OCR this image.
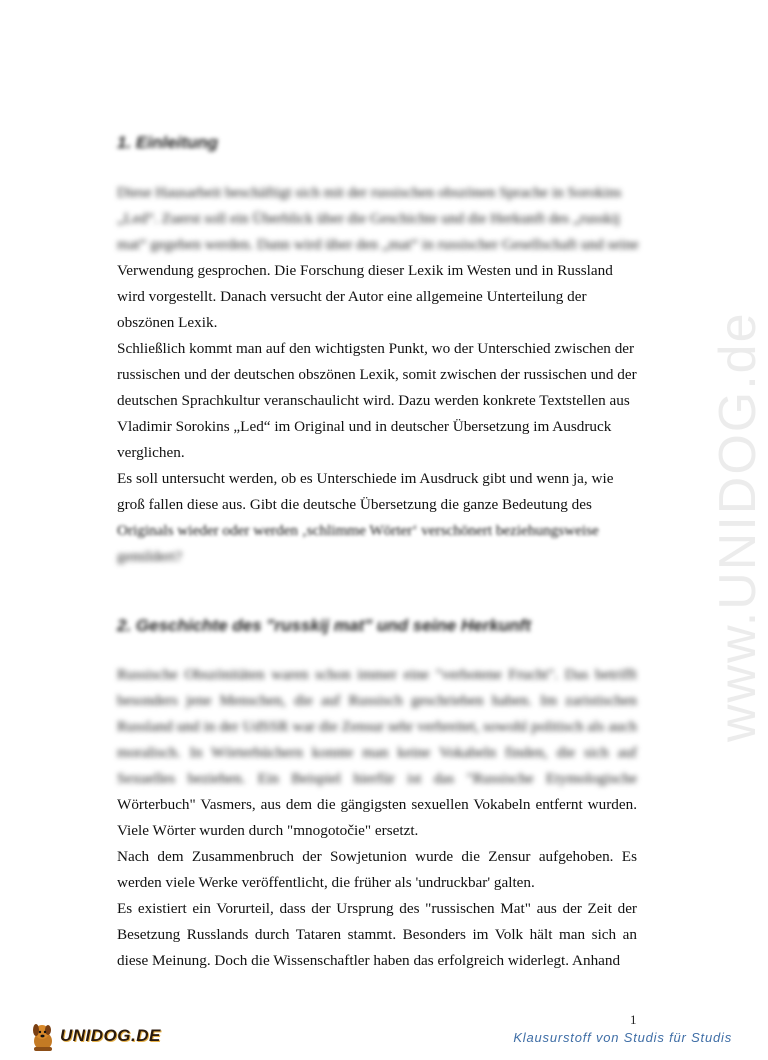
www.UNIDOG.de
1. Einleitung
Diese Hausarbeit beschäftigt sich mit der russischen obszönen Sprache in Sorokins
„Led“. Zuerst soll ein Überblick über die Geschichte und die Herkunft des „russkij
mat“ gegeben werden. Dann wird über den „mat“ in russischer Gesellschaft und seine
Verwendung gesprochen. Die Forschung dieser Lexik im Westen und in Russland
wird vorgestellt. Danach versucht der Autor eine allgemeine Unterteilung der
obszönen Lexik.
Schließlich kommt man auf den wichtigsten Punkt, wo der Unterschied zwischen der
russischen und der deutschen obszönen Lexik, somit zwischen der russischen und der
deutschen Sprachkultur veranschaulicht wird. Dazu werden konkrete Textstellen aus
Vladimir Sorokins „Led“ im Original und in deutscher Übersetzung im Ausdruck
verglichen.
Es soll untersucht werden, ob es Unterschiede im Ausdruck gibt und wenn ja, wie
groß fallen diese aus. Gibt die deutsche Übersetzung die ganze Bedeutung des
Originals wieder oder werden ‚schlimme Wörter‘ verschönert beziehungsweise
gemildert?
2. Geschichte des "russkij mat" und seine Herkunft
Russische Obszönitäten waren schon immer eine "verbotene Frucht". Das betrifft
besonders jene Menschen, die auf Russisch geschrieben haben. Im zaristischen
Russland und in der UdSSR war die Zensur sehr verbreitet, sowohl politisch als auch
moralisch. In Wörterbüchern konnte man keine Vokabeln finden, die sich auf
Sexuelles beziehen. Ein Beispiel hierfür ist das "Russische Etymologische
Wörterbuch" Vasmers, aus dem die gängigsten sexuellen Vokabeln entfernt wurden.
Viele Wörter wurden durch "mnogotočie" ersetzt.
Nach dem Zusammenbruch der Sowjetunion wurde die Zensur aufgehoben. Es
werden viele Werke veröffentlicht, die früher als 'undruckbar' galten.
Es existiert ein Vorurteil, dass der Ursprung des "russischen Mat" aus der Zeit der
Besetzung Russlands durch Tataren stammt. Besonders im Volk hält man sich an
diese Meinung. Doch die Wissenschaftler haben das erfolgreich widerlegt. Anhand
1
UNIDOG.DE	Klausurstoff von Studis für Studis
